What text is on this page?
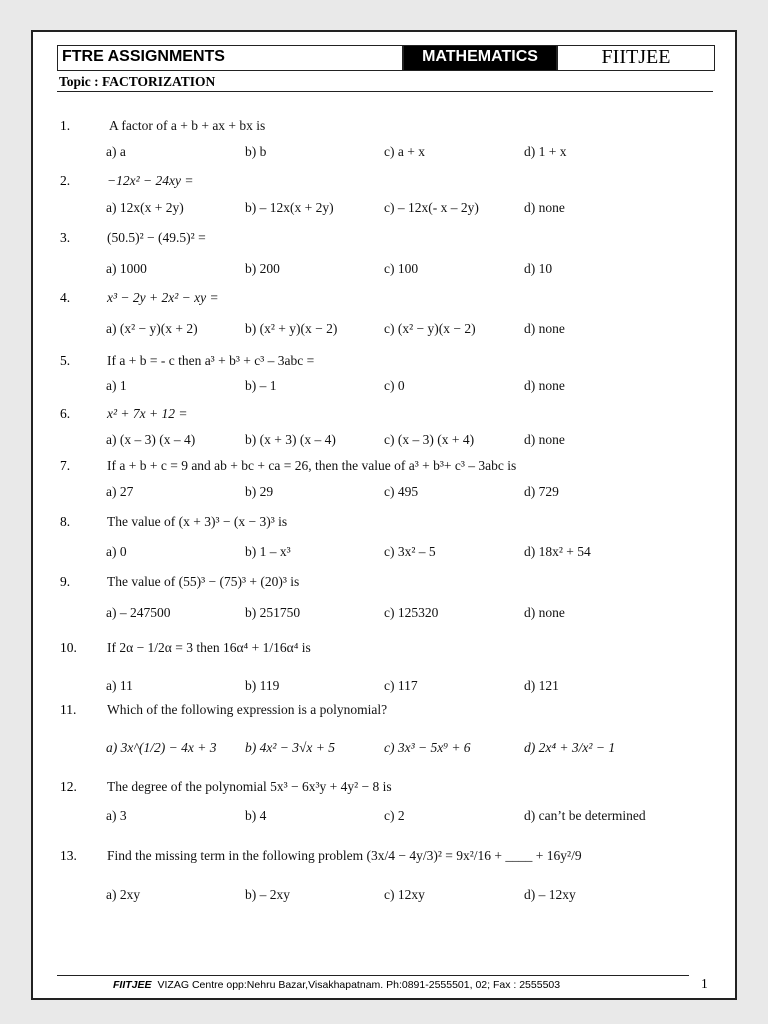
FTRE ASSIGNMENTS	MATHEMATICS	FIITJEE
Topic : FACTORIZATION
1.	A factor of a + b + ax + bx is
a) a	b) b	c) a + x	d) 1 + x
2.	−12x² − 24xy =
a) 12x(x + 2y)	b) – 12x(x + 2y)	c) – 12x(- x – 2y)	d) none
3.	(50.5)² − (49.5)² =
a) 1000	b) 200	c) 100	d) 10
4.	x³ − 2y + 2x² − xy =
a) (x² − y)(x + 2)	b) (x² + y)(x − 2)	c) (x² − y)(x − 2)	d) none
5.	If a + b = - c then a³ + b³ + c³ – 3abc =
a) 1	b) – 1	c) 0	d) none
6.	x² + 7x + 12 =
a) (x – 3) (x – 4)	b) (x + 3) (x – 4)	c) (x – 3) (x + 4)	d) none
7.	If a + b + c = 9 and ab + bc + ca = 26, then the value of a³ + b³+ c³ – 3abc is
a) 27	b) 29	c) 495	d) 729
8.	The value of (x + 3)³ − (x − 3)³ is
a) 0	b) 1 – x³	c) 3x² – 5	d) 18x² + 54
9.	The value of (55)³ − (75)³ + (20)³ is
a) – 247500	b) 251750	c) 125320	d) none
10. If 2α − 1/2α = 3 then 16α⁴ + 1/16α⁴ is
a) 11	b) 119	c) 117	d) 121
11. Which of the following expression is a polynomial?
a) 3x^(1/2) − 4x + 3 b) 4x² − 3√x + 5	c) 3x³ − 5x⁹ + 6	d) 2x⁴ + 3/x² − 1
12. The degree of the polynomial 5x³ − 6x³y + 4y² − 8 is
a) 3	b) 4	c) 2	d) can’t be determined
13. Find the missing term in the following problem (3x/4 − 4y/3)² = 9x²/16 + ____ + 16y²/9
a) 2xy	b) – 2xy	c) 12xy	d) – 12xy
FIITJEE VIZAG Centre opp:Nehru Bazar,Visakhapatnam. Ph:0891-2555501, 02; Fax : 2555503	1
